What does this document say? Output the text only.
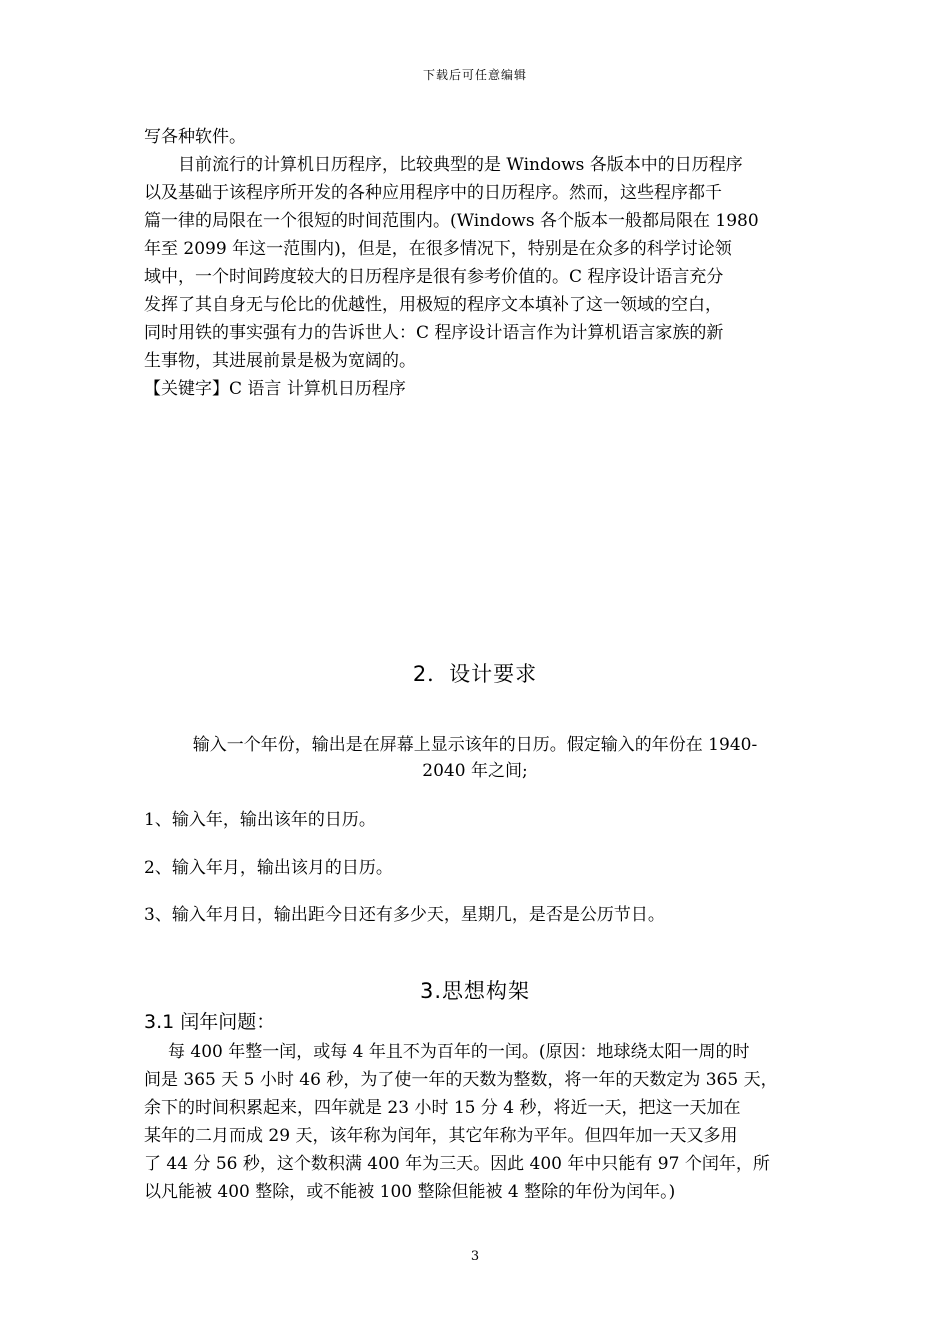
下载后可任意编辑

写各种软件。

目前流行的计算机日历程序，比较典型的是 Windows 各版本中的日历程序

以及基础于该程序所开发的各种应用程序中的日历程序。然而，这些程序都千

篇一律的局限在一个很短的时间范围内。(Windows 各个版本一般都局限在 1980

年至 2099 年这一范围内)，但是，在很多情况下，特别是在众多的科学讨论领

域中，一个时间跨度较大的日历程序是很有参考价值的。C 程序设计语言充分

发挥了其自身无与伦比的优越性，用极短的程序文本填补了这一领域的空白，

同时用铁的事实强有力的告诉世人：C 程序设计语言作为计算机语言家族的新

生事物，其进展前景是极为宽阔的。

【关键字】C 语言 计算机日历程序

2．设计要求
输入一个年份，输出是在屏幕上显示该年的日历。假定输入的年份在 1940-
2040 年之间;
1、输入年，输出该年的日历。
2、输入年月，输出该月的日历。
3、输入年月日，输出距今日还有多少天，星期几，是否是公历节日。
3.思想构架
3.1 闰年问题：

每 400 年整一闰，或每 4 年且不为百年的一闰。(原因：地球绕太阳一周的时

间是 365 天 5 小时 46 秒，为了使一年的天数为整数，将一年的天数定为 365 天，

余下的时间积累起来，四年就是 23 小时 15 分 4 秒，将近一天，把这一天加在

某年的二月而成 29 天，该年称为闰年，其它年称为平年。但四年加一天又多用

了 44 分 56 秒，这个数积满 400 年为三天。因此 400 年中只能有 97 个闰年，所

以凡能被 400 整除，或不能被 100 整除但能被 4 整除的年份为闰年。)

3
